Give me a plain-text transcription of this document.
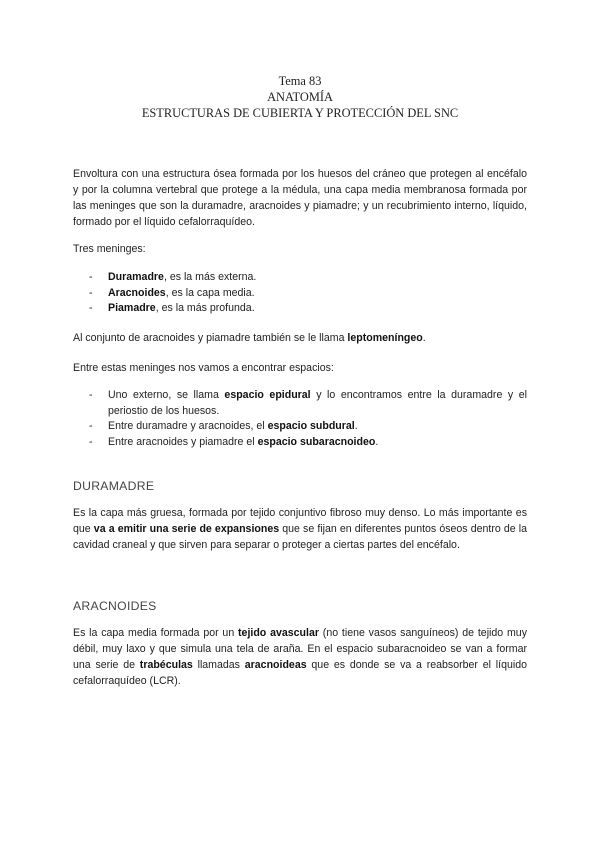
Tema 83
ANATOMÍA
ESTRUCTURAS DE CUBIERTA Y PROTECCIÓN DEL SNC

Envoltura con una estructura ósea formada por los huesos del cráneo que protegen al encéfalo y por la columna vertebral que protege a la médula, una capa media membranosa formada por las meninges que son la duramadre, aracnoides y piamadre; y un recubrimiento interno, líquido, formado por el líquido cefalorraquídeo.

Tres meninges:

- Duramadre, es la más externa.
- Aracnoides, es la capa media.
- Piamadre, es la más profunda.

Al conjunto de aracnoides y piamadre también se le llama leptomeníngeo.

Entre estas meninges nos vamos a encontrar espacios:

- Uno externo, se llama espacio epidural y lo encontramos entre la duramadre y el periostio de los huesos.
- Entre duramadre y aracnoides, el espacio subdural.
- Entre aracnoides y piamadre el espacio subaracnoideo.
DURAMADRE

Es la capa más gruesa, formada por tejido conjuntivo fibroso muy denso. Lo más importante es que va a emitir una serie de expansiones que se fijan en diferentes puntos óseos dentro de la cavidad craneal y que sirven para separar o proteger a ciertas partes del encéfalo.

ARACNOIDES

Es la capa media formada por un tejido avascular (no tiene vasos sanguíneos) de tejido muy débil, muy laxo y que simula una tela de araña. En el espacio subaracnoideo se van a formar una serie de trabéculas llamadas aracnoideas que es donde se va a reabsorber el líquido cefalorraquídeo (LCR).
